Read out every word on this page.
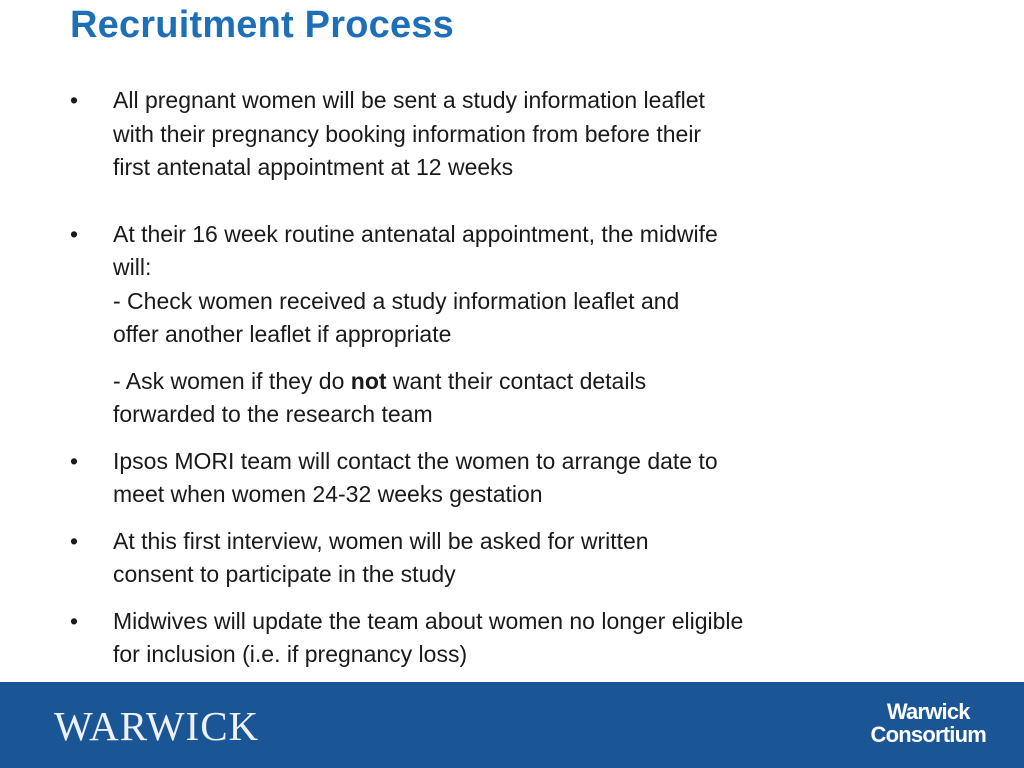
Recruitment Process
• All pregnant women will be sent a study information leaflet
with their pregnancy booking information from before their
first antenatal appointment at 12 weeks
• At their 16 week routine antenatal appointment, the midwife
will:
- Check women received a study information leaflet and
offer another leaflet if appropriate
- Ask women if they do not want their contact details
forwarded to the research team
• Ipsos MORI team will contact the women to arrange date to
meet when women 24-32 weeks gestation
• At this first interview, women will be asked for written
consent to participate in the study
• Midwives will update the team about women no longer eligible
for inclusion (i.e. if pregnancy loss)
WARWICK	Warwick
Consortium
